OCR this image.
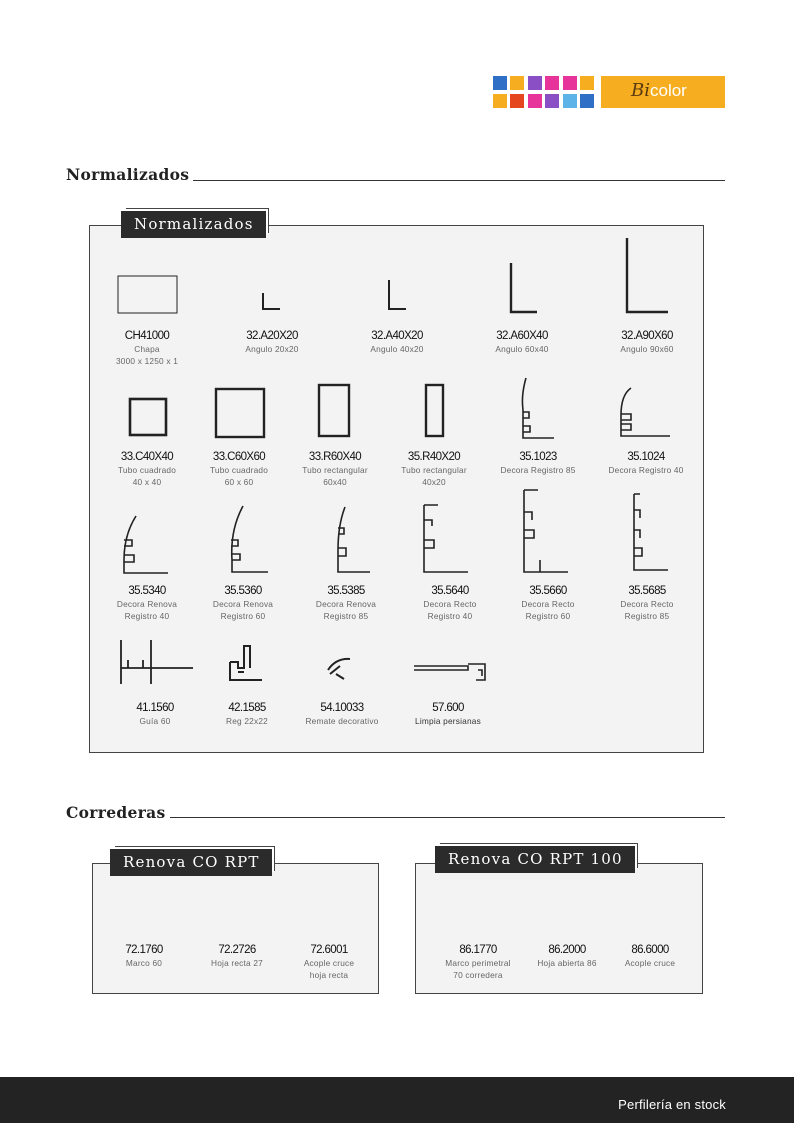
Bicolor
Normalizados
Normalizados
CH41000
Chapa
3000 x 1250 x 1
32.A20X20
Angulo 20x20
32.A40X20
Angulo 40x20
32.A60X40
Angulo 60x40
32.A90X60
Angulo 90x60
33.C40X40
Tubo cuadrado
40 x 40
33.C60X60
Tubo cuadrado
60 x 60
33.R60X40
Tubo rectangular
60x40
35.R40X20
Tubo rectangular
40x20
35.1023
Decora Registro 85
35.1024
Decora Registro 40
35.5340
Decora Renova
Registro 40
35.5360
Decora Renova
Registro 60
35.5385
Decora Renova
Registro 85
35.5640
Decora Recto
Registro 40
35.5660
Decora Recto
Registro 60
35.5685
Decora Recto
Registro 85
41.1560
Guía 60
42.1585
Reg 22x22
54.10033
Remate decorativo
57.600
Limpia persianas
Correderas
Renova CO RPT	Renova CO RPT 100
72.1760
Marco 60
72.2726
Hoja recta 27
72.6001
Acople cruce
hoja recta
86.1770
Marco perimetral
70 corredera
86.2000
Hoja abierta 86
86.6000
Acople cruce
Perfilería en stock
